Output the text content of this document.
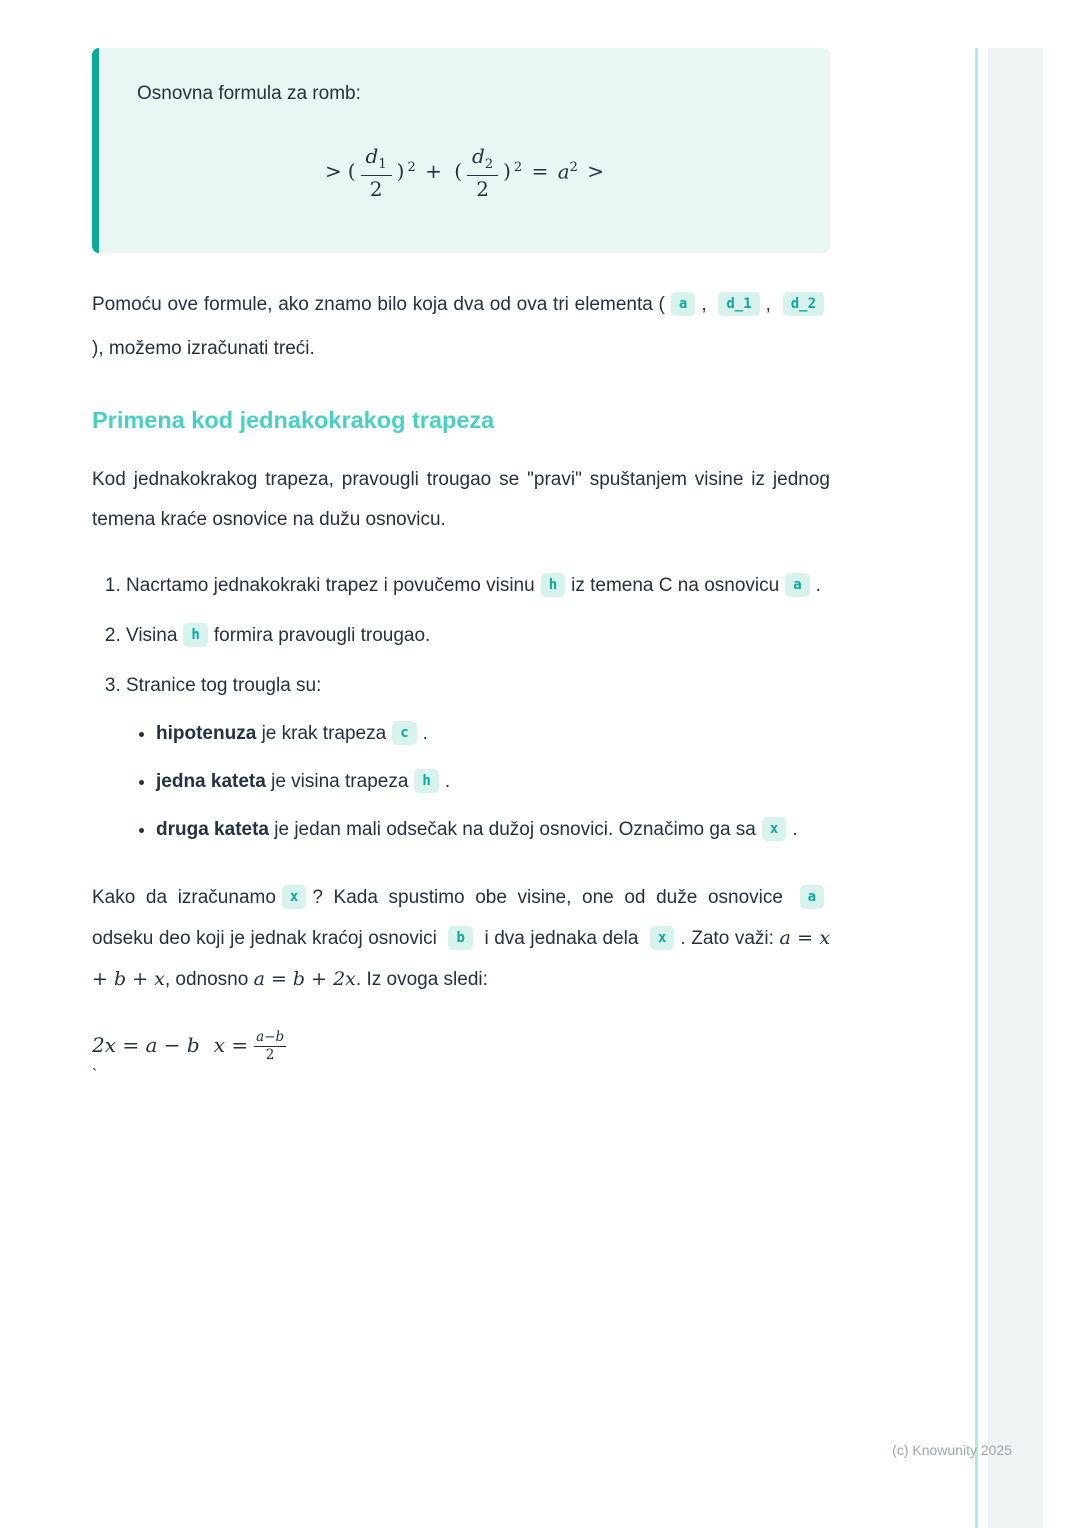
Osnovna formula za romb:

> ( $\frac{d_1}{2}$ ) $^2$ + ( $\frac{d_2}{2}$ ) $^2 = a^2$ >

Pomoću ove formule, ako znamo bilo koja dva od ova tri elementa ( a , d_1 , d_2), možemo izračunati treći.

Primena kod jednakokrakog trapeza

Kod jednakokrakog trapeza, pravougli trougao se "pravi" spuštanjem visine iz jednog temena kraće osnovice na dužu osnovicu.

1. Nacrtamo jednakokraki trapez i povučemo visinu h iz temena C na osnovicu a .
2. Visina h formira pravougli trougao.
3. Stranice tog trougla su:
• hipotenuza je krak trapeza c .
• jedna kateta je visina trapeza h .
• druga kateta je jedan mali odsečak na dužoj osnovici. Označimo ga sa x .

Kako da izračunamo x ? Kada spustimo obe visine, one od duže osnovice a odseku deo koji je jednak kraćoj osnovici b i dva jednaka dela x . Zato važi: a = x + b + x, odnosno a = b + 2x. Iz ovoga sledi:

2x = a − b $x = \frac{a-b}{2}$
`
(c) Knowunity 2025
